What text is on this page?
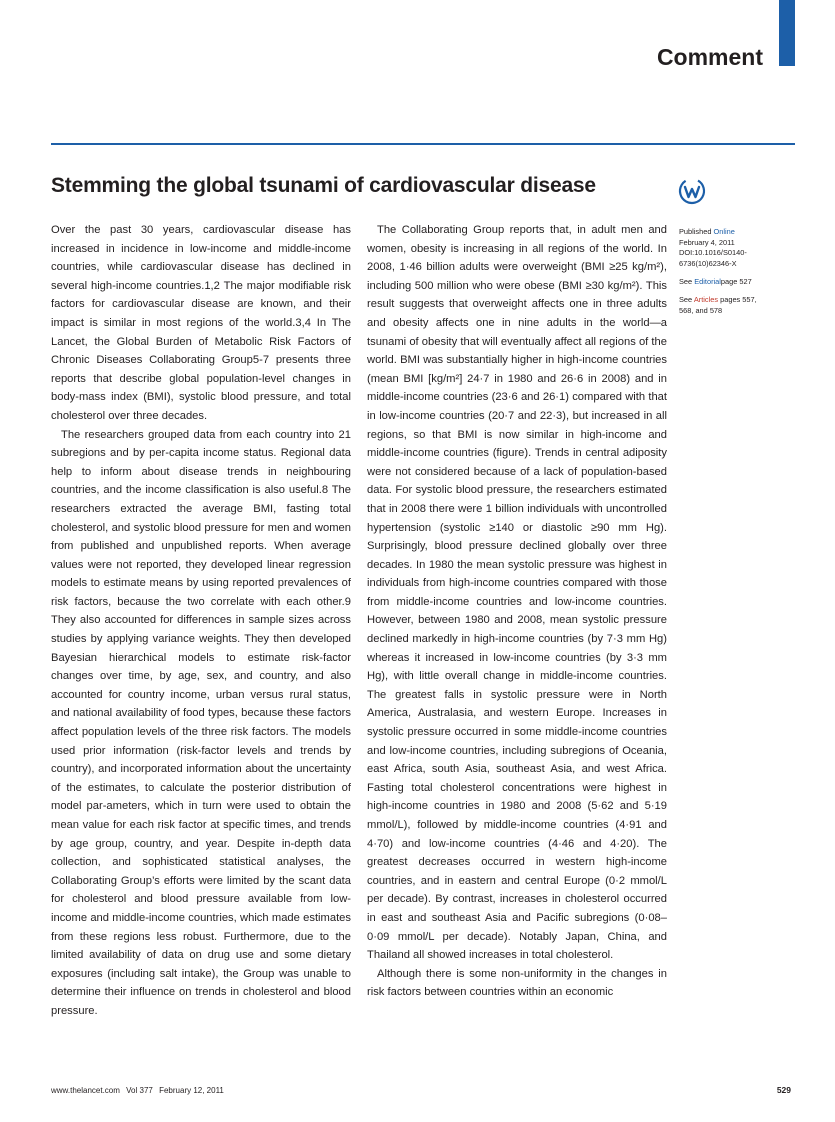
Comment
Stemming the global tsunami of cardiovascular disease

Over the past 30 years, cardiovascular disease has increased in incidence in low-income and middle-income countries, while cardiovascular disease has declined in several high-income countries.1,2 The major modifiable risk factors for cardiovascular disease are known, and their impact is similar in most regions of the world.3,4 In The Lancet, the Global Burden of Metabolic Risk Factors of Chronic Diseases Collaborating Group5-7 presents three reports that describe global population-level changes in body-mass index (BMI), systolic blood pressure, and total cholesterol over three decades.

The researchers grouped data from each country into 21 subregions and by per-capita income status. Regional data help to inform about disease trends in neighbouring countries, and the income classification is also useful.8 The researchers extracted the average BMI, fasting total cholesterol, and systolic blood pressure for men and women from published and unpublished reports. When average values were not reported, they developed linear regression models to estimate means by using reported prevalences of risk factors, because the two correlate with each other.9 They also accounted for differences in sample sizes across studies by applying variance weights. They then developed Bayesian hierarchical models to estimate risk-factor changes over time, by age, sex, and country, and also accounted for country income, urban versus rural status, and national availability of food types, because these factors affect population levels of the three risk factors. The models used prior information (risk-factor levels and trends by country), and incorporated information about the uncertainty of the estimates, to calculate the posterior distribution of model par-ameters, which in turn were used to obtain the mean value for each risk factor at specific times, and trends by age group, country, and year. Despite in-depth data collection, and sophisticated statistical analyses, the Collaborating Group’s efforts were limited by the scant data for cholesterol and blood pressure available from low-income and middle-income countries, which made estimates from these regions less robust. Furthermore, due to the limited availability of data on drug use and some dietary exposures (including salt intake), the Group was unable to determine their influence on trends in cholesterol and blood pressure.

The Collaborating Group reports that, in adult men and women, obesity is increasing in all regions of the world. In 2008, 1·46 billion adults were overweight (BMI ≥25 kg/m²), including 500 million who were obese (BMI ≥30 kg/m²). This result suggests that overweight affects one in three adults and obesity affects one in nine adults in the world—a tsunami of obesity that will eventually affect all regions of the world. BMI was substantially higher in high-income countries (mean BMI [kg/m²] 24·7 in 1980 and 26·6 in 2008) and in middle-income countries (23·6 and 26·1) compared with that in low-income countries (20·7 and 22·3), but increased in all regions, so that BMI is now similar in high-income and middle-income countries (figure). Trends in central adiposity were not considered because of a lack of population-based data. For systolic blood pressure, the researchers estimated that in 2008 there were 1 billion individuals with uncontrolled hypertension (systolic ≥140 or diastolic ≥90 mm Hg). Surprisingly, blood pressure declined globally over three decades. In 1980 the mean systolic pressure was highest in individuals from high-income countries compared with those from middle-income countries and low-income countries. However, between 1980 and 2008, mean systolic pressure declined markedly in high-income countries (by 7·3 mm Hg) whereas it increased in low-income countries (by 3·3 mm Hg), with little overall change in middle-income countries. The greatest falls in systolic pressure were in North America, Australasia, and western Europe. Increases in systolic pressure occurred in some middle-income countries and low-income countries, including subregions of Oceania, east Africa, south Asia, southeast Asia, and west Africa. Fasting total cholesterol concentrations were highest in high-income countries in 1980 and 2008 (5·62 and 5·19 mmol/L), followed by middle-income countries (4·91 and 4·70) and low-income countries (4·46 and 4·20). The greatest decreases occurred in western high-income countries, and in eastern and central Europe (0·2 mmol/L per decade). By contrast, increases in cholesterol occurred in east and southeast Asia and Pacific subregions (0·08–0·09 mmol/L per decade). Notably Japan, China, and Thailand all showed increases in total cholesterol.

Although there is some non-uniformity in the changes in risk factors between countries within an economic

Published Online

February 4, 2011

DOI:10.1016/S0140-6736(10)62346-X

See Editorialpage 527

See Articles pages 557, 568, and 578

www.thelancet.com Vol 377 February 12, 2011	529
